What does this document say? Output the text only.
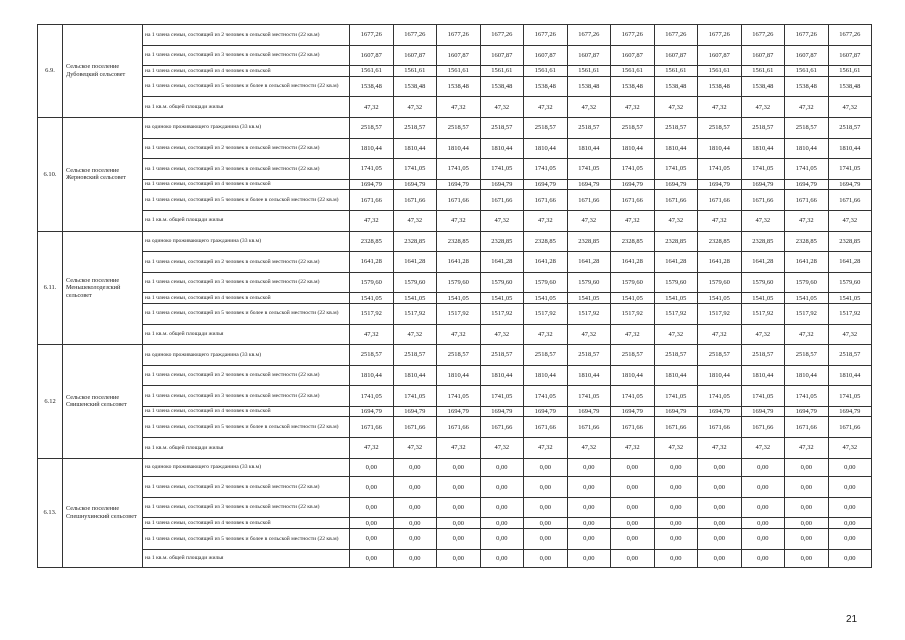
6.9.	Сельское поселение Дубовецкий сельсовет	на 1 члена семьи, состоящей из 2 человек в сельской местности (22 кв.м)	1677,26	1677,26	1677,26	1677,26	1677,26	1677,26	1677,26	1677,26	1677,26	1677,26	1677,26	1677,26
		на 1 члена семьи, состоящей из 3 человек в сельской местности (22 кв.м)	1607,87	1607,87	1607,87	1607,87	1607,87	1607,87	1607,87	1607,87	1607,87	1607,87	1607,87	1607,87
		на 1 члена семьи, состоящей из 4 человек в сельской	1561,61	1561,61	1561,61	1561,61	1561,61	1561,61	1561,61	1561,61	1561,61	1561,61	1561,61	1561,61
		на 1 члена семьи, состоящей из 5 человек и более в сельской местности (22 кв.м)	1538,48	1538,48	1538,48	1538,48	1538,48	1538,48	1538,48	1538,48	1538,48	1538,48	1538,48	1538,48
		на 1 кв.м. общей площади жилья	47,32	47,32	47,32	47,32	47,32	47,32	47,32	47,32	47,32	47,32	47,32	47,32
6.10.	Сельское поселение Жерновский сельсовет	на одиноко проживающего гражданина (33 кв.м)	2518,57	2518,57	2518,57	2518,57	2518,57	2518,57	2518,57	2518,57	2518,57	2518,57	2518,57	2518,57
		на 1 члена семьи, состоящей из 2 человек в сельской местности (22 кв.м)	1810,44	1810,44	1810,44	1810,44	1810,44	1810,44	1810,44	1810,44	1810,44	1810,44	1810,44	1810,44
		на 1 члена семьи, состоящей из 3 человек в сельской местности (22 кв.м)	1741,05	1741,05	1741,05	1741,05	1741,05	1741,05	1741,05	1741,05	1741,05	1741,05	1741,05	1741,05
		на 1 члена семьи, состоящей из 4 человек в сельской	1694,79	1694,79	1694,79	1694,79	1694,79	1694,79	1694,79	1694,79	1694,79	1694,79	1694,79	1694,79
		на 1 члена семьи, состоящей из 5 человек и более в сельской местности (22 кв.м)	1671,66	1671,66	1671,66	1671,66	1671,66	1671,66	1671,66	1671,66	1671,66	1671,66	1671,66	1671,66
		на 1 кв.м. общей площади жилья	47,32	47,32	47,32	47,32	47,32	47,32	47,32	47,32	47,32	47,32	47,32	47,32
6.11.	Сельское поселение Меньшеколодезский сельсовет	на одиноко проживающего гражданина (33 кв.м)	2328,85	2328,85	2328,85	2328,85	2328,85	2328,85	2328,85	2328,85	2328,85	2328,85	2328,85	2328,85
		на 1 члена семьи, состоящей из 2 человек в сельской местности (22 кв.м)	1641,28	1641,28	1641,28	1641,28	1641,28	1641,28	1641,28	1641,28	1641,28	1641,28	1641,28	1641,28
		на 1 члена семьи, состоящей из 3 человек в сельской местности (22 кв.м)	1579,60	1579,60	1579,60	1579,60	1579,60	1579,60	1579,60	1579,60	1579,60	1579,60	1579,60	1579,60
		на 1 члена семьи, состоящей из 4 человек в сельской	1541,05	1541,05	1541,05	1541,05	1541,05	1541,05	1541,05	1541,05	1541,05	1541,05	1541,05	1541,05
		на 1 члена семьи, состоящей из 5 человек и более в сельской местности (22 кв.м)	1517,92	1517,92	1517,92	1517,92	1517,92	1517,92	1517,92	1517,92	1517,92	1517,92	1517,92	1517,92
		на 1 кв.м. общей площади жилья	47,32	47,32	47,32	47,32	47,32	47,32	47,32	47,32	47,32	47,32	47,32	47,32
6.12	Сельское поселение Свишенский сельсовет	на одиноко проживающего гражданина (33 кв.м)	2518,57	2518,57	2518,57	2518,57	2518,57	2518,57	2518,57	2518,57	2518,57	2518,57	2518,57	2518,57
		на 1 члена семьи, состоящей из 2 человек в сельской местности (22 кв.м)	1810,44	1810,44	1810,44	1810,44	1810,44	1810,44	1810,44	1810,44	1810,44	1810,44	1810,44	1810,44
		на 1 члена семьи, состоящей из 3 человек в сельской местности (22 кв.м)	1741,05	1741,05	1741,05	1741,05	1741,05	1741,05	1741,05	1741,05	1741,05	1741,05	1741,05	1741,05
		на 1 члена семьи, состоящей из 4 человек в сельской	1694,79	1694,79	1694,79	1694,79	1694,79	1694,79	1694,79	1694,79	1694,79	1694,79	1694,79	1694,79
		на 1 члена семьи, состоящей из 5 человек и более в сельской местности (22 кв.м)	1671,66	1671,66	1671,66	1671,66	1671,66	1671,66	1671,66	1671,66	1671,66	1671,66	1671,66	1671,66
		на 1 кв.м. общей площади жилья	47,32	47,32	47,32	47,32	47,32	47,32	47,32	47,32	47,32	47,32	47,32	47,32
6.13.	Сельское поселение Спешнухинский сельсовет	на одиноко проживающего гражданина (33 кв.м)	0,00	0,00	0,00	0,00	0,00	0,00	0,00	0,00	0,00	0,00	0,00	0,00
		на 1 члена семьи, состоящей из 2 человек в сельской местности (22 кв.м)	0,00	0,00	0,00	0,00	0,00	0,00	0,00	0,00	0,00	0,00	0,00	0,00
		на 1 члена семьи, состоящей из 3 человек в сельской местности (22 кв.м)	0,00	0,00	0,00	0,00	0,00	0,00	0,00	0,00	0,00	0,00	0,00	0,00
		на 1 члена семьи, состоящей из 4 человек в сельской	0,00	0,00	0,00	0,00	0,00	0,00	0,00	0,00	0,00	0,00	0,00	0,00
		на 1 члена семьи, состоящей из 5 человек и более в сельской местности (22 кв.м)	0,00	0,00	0,00	0,00	0,00	0,00	0,00	0,00	0,00	0,00	0,00	0,00
		на 1 кв.м. общей площади жилья	0,00	0,00	0,00	0,00	0,00	0,00	0,00	0,00	0,00	0,00	0,00	0,00
21
